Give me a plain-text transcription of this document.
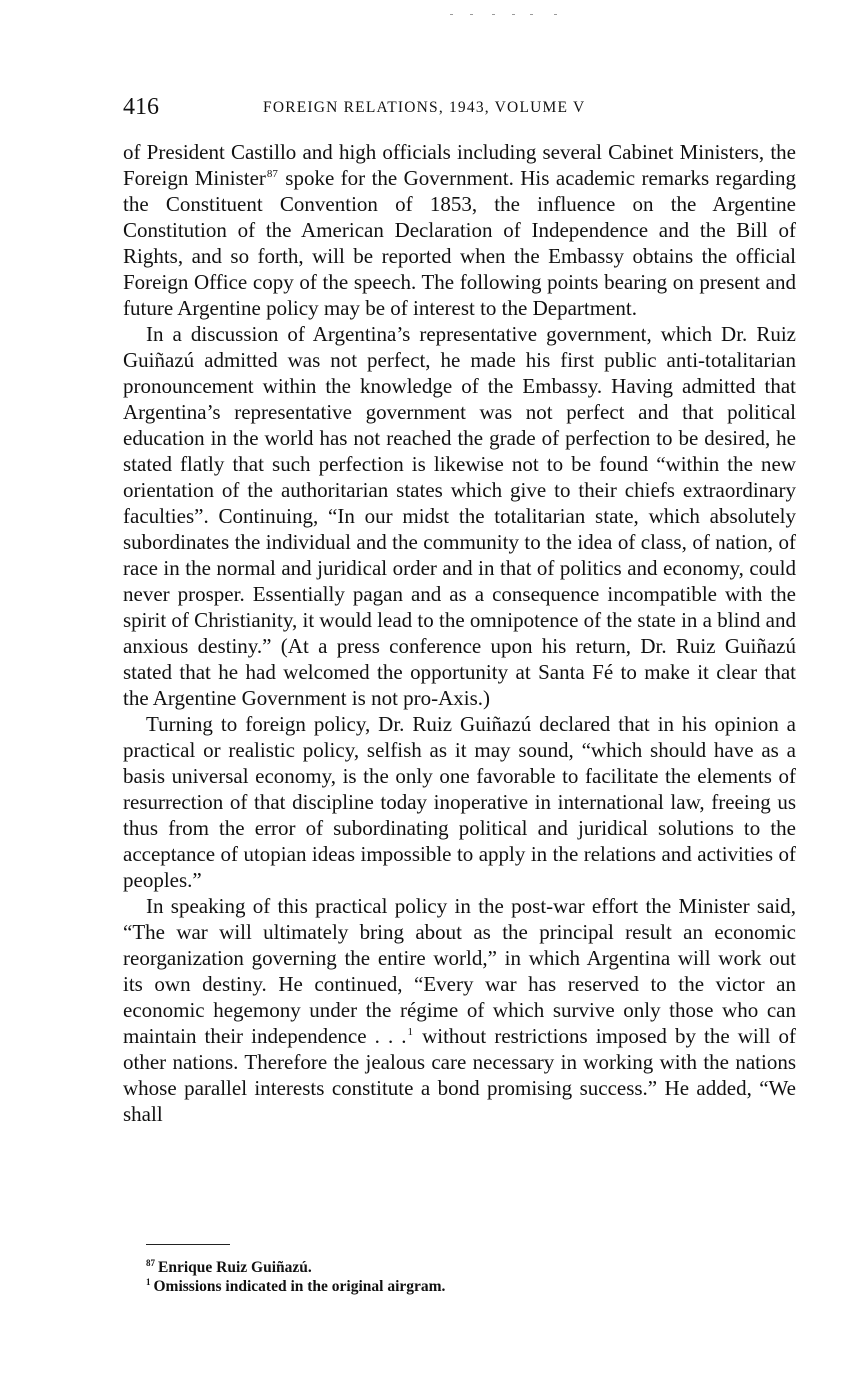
416	FOREIGN RELATIONS, 1943, VOLUME V

of President Castillo and high officials including several Cabinet Ministers, the Foreign Minister$^{87}$ spoke for the Government. His academic remarks regarding the Constituent Convention of 1853, the influence on the Argentine Constitution of the American Declaration of Independence and the Bill of Rights, and so forth, will be reported when the Embassy obtains the official Foreign Office copy of the speech. The following points bearing on present and future Argentine policy may be of interest to the Department.

In a discussion of Argentina’s representative government, which Dr. Ruiz Guiñazú admitted was not perfect, he made his first public anti-totalitarian pronouncement within the knowledge of the Embassy. Having admitted that Argentina’s representative government was not perfect and that political education in the world has not reached the grade of perfection to be desired, he stated flatly that such perfection is likewise not to be found “within the new orientation of the authoritarian states which give to their chiefs extraordinary faculties”. Continuing, “In our midst the totalitarian state, which absolutely subordinates the individual and the community to the idea of class, of nation, of race in the normal and juridical order and in that of politics and economy, could never prosper. Essentially pagan and as a consequence incompatible with the spirit of Christianity, it would lead to the omnipotence of the state in a blind and anxious destiny.” (At a press conference upon his return, Dr. Ruiz Guiñazú stated that he had welcomed the opportunity at Santa Fé to make it clear that the Argentine Government is not pro-Axis.)

Turning to foreign policy, Dr. Ruiz Guiñazú declared that in his opinion a practical or realistic policy, selfish as it may sound, “which should have as a basis universal economy, is the only one favorable to facilitate the elements of resurrection of that discipline today inoperative in international law, freeing us thus from the error of subordinating political and juridical solutions to the acceptance of utopian ideas impossible to apply in the relations and activities of peoples.”

In speaking of this practical policy in the post-war effort the Minister said, “The war will ultimately bring about as the principal result an economic reorganization governing the entire world,” in which Argentina will work out its own destiny. He continued, “Every war has reserved to the victor an economic hegemony under the régime of which survive only those who can maintain their independence . . .$^1$ without restrictions imposed by the will of other nations. Therefore the jealous care necessary in working with the nations whose parallel interests constitute a bond promising success.” He added, “We shall

$^{87}$ Enrique Ruiz Guiñazú.

$^1$ Omissions indicated in the original airgram.
